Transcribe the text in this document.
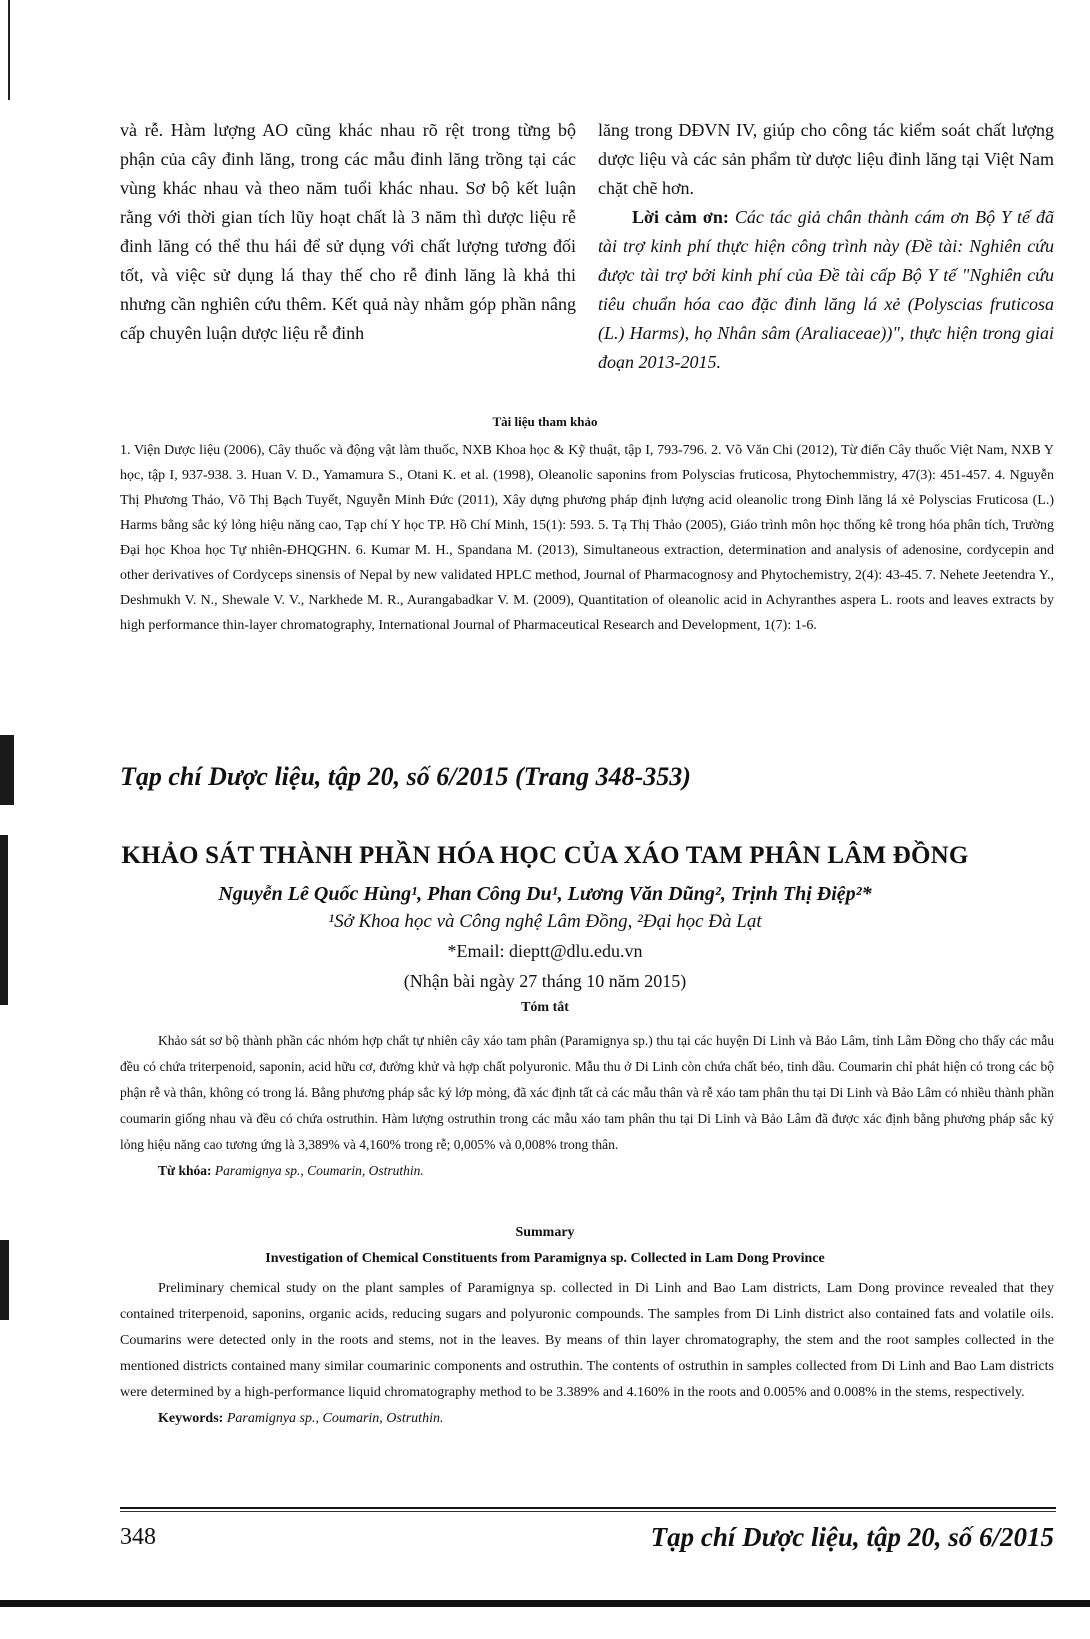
và rễ. Hàm lượng AO cũng khác nhau rõ rệt trong từng bộ phận của cây đinh lăng, trong các mẫu đinh lăng trồng tại các vùng khác nhau và theo năm tuổi khác nhau. Sơ bộ kết luận rằng với thời gian tích lũy hoạt chất là 3 năm thì dược liệu rễ đinh lăng có thể thu hái để sử dụng với chất lượng tương đối tốt, và việc sử dụng lá thay thế cho rễ đinh lăng là khả thi nhưng cần nghiên cứu thêm. Kết quả này nhằm góp phần nâng cấp chuyên luận dược liệu rễ đinh

lăng trong DĐVN IV, giúp cho công tác kiểm soát chất lượng dược liệu và các sản phẩm từ dược liệu đinh lăng tại Việt Nam chặt chẽ hơn.

Lời cảm ơn: Các tác giả chân thành cám ơn Bộ Y tế đã tài trợ kinh phí thực hiện công trình này (Đề tài: Nghiên cứu được tài trợ bởi kinh phí của Đề tài cấp Bộ Y tế "Nghiên cứu tiêu chuẩn hóa cao đặc đinh lăng lá xẻ (Polyscias fruticosa (L.) Harms), họ Nhân sâm (Araliaceae))", thực hiện trong giai đoạn 2013-2015.

Tài liệu tham khảo

1. Viện Dược liệu (2006), Cây thuốc và động vật làm thuốc, NXB Khoa học & Kỹ thuật, tập I, 793-796. 2. Võ Văn Chi (2012), Từ điển Cây thuốc Việt Nam, NXB Y học, tập I, 937-938. 3. Huan V. D., Yamamura S., Otani K. et al. (1998), Oleanolic saponins from Polyscias fruticosa, Phytochemmistry, 47(3): 451-457. 4. Nguyễn Thị Phương Thảo, Võ Thị Bạch Tuyết, Nguyễn Minh Đức (2011), Xây dựng phương pháp định lượng acid oleanolic trong Đinh lăng lá xẻ Polyscias Fruticosa (L.) Harms bằng sắc ký lỏng hiệu năng cao, Tạp chí Y học TP. Hồ Chí Minh, 15(1): 593. 5. Tạ Thị Thảo (2005), Giáo trình môn học thống kê trong hóa phân tích, Trường Đại học Khoa học Tự nhiên-ĐHQGHN. 6. Kumar M. H., Spandana M. (2013), Simultaneous extraction, determination and analysis of adenosine, cordycepin and other derivatives of Cordyceps sinensis of Nepal by new validated HPLC method, Journal of Pharmacognosy and Phytochemistry, 2(4): 43-45. 7. Nehete Jeetendra Y., Deshmukh V. N., Shewale V. V., Narkhede M. R., Aurangabadkar V. M. (2009), Quantitation of oleanolic acid in Achyranthes aspera L. roots and leaves extracts by high performance thin-layer chromatography, International Journal of Pharmaceutical Research and Development, 1(7): 1-6.

Tạp chí Dược liệu, tập 20, số 6/2015 (Trang 348-353)
KHẢO SÁT THÀNH PHẦN HÓA HỌC CỦA XÁO TAM PHÂN LÂM ĐỒNG
Nguyễn Lê Quốc Hùng¹, Phan Công Du¹, Lương Văn Dũng², Trịnh Thị Điệp²*
¹Sở Khoa học và Công nghệ Lâm Đồng, ²Đại học Đà Lạt
*Email: dieptt@dlu.edu.vn
(Nhận bài ngày 27 tháng 10 năm 2015)
Tóm tắt

Khảo sát sơ bộ thành phần các nhóm hợp chất tự nhiên cây xáo tam phân (Paramignya sp.) thu tại các huyện Di Linh và Bảo Lâm, tỉnh Lâm Đồng cho thấy các mẫu đều có chứa triterpenoid, saponin, acid hữu cơ, đường khử và hợp chất polyuronic. Mẫu thu ở Di Linh còn chứa chất béo, tinh dầu. Coumarin chỉ phát hiện có trong các bộ phận rễ và thân, không có trong lá. Bằng phương pháp sắc ký lớp mỏng, đã xác định tất cả các mẫu thân và rễ xáo tam phân thu tại Di Linh và Bảo Lâm có nhiều thành phần coumarin giống nhau và đều có chứa ostruthin. Hàm lượng ostruthin trong các mẫu xáo tam phân thu tại Di Linh và Bảo Lâm đã được xác định bằng phương pháp sắc ký lỏng hiệu năng cao tương ứng là 3,389% và 4,160% trong rễ; 0,005% và 0,008% trong thân.

Từ khóa: Paramignya sp., Coumarin, Ostruthin.

Summary
Investigation of Chemical Constituents from Paramignya sp. Collected in Lam Dong Province

Preliminary chemical study on the plant samples of Paramignya sp. collected in Di Linh and Bao Lam districts, Lam Dong province revealed that they contained triterpenoid, saponins, organic acids, reducing sugars and polyuronic compounds. The samples from Di Linh district also contained fats and volatile oils. Coumarins were detected only in the roots and stems, not in the leaves. By means of thin layer chromatography, the stem and the root samples collected in the mentioned districts contained many similar coumarinic components and ostruthin. The contents of ostruthin in samples collected from Di Linh and Bao Lam districts were determined by a high-performance liquid chromatography method to be 3.389% and 4.160% in the roots and 0.005% and 0.008% in the stems, respectively.

Keywords: Paramignya sp., Coumarin, Ostruthin.

348	Tạp chí Dược liệu, tập 20, số 6/2015
